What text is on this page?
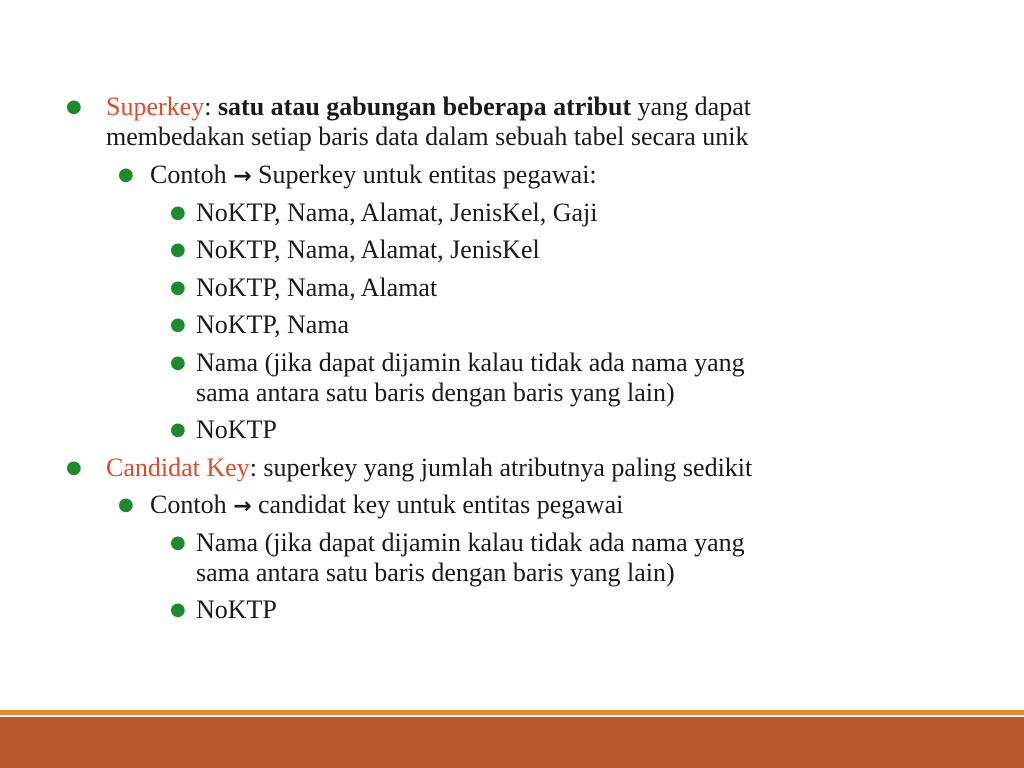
● Superkey: satu atau gabungan beberapa atribut yang dapat
membedakan setiap baris data dalam sebuah tabel secara unik
● Contoh → Superkey untuk entitas pegawai:
● NoKTP, Nama, Alamat, JenisKel, Gaji
● NoKTP, Nama, Alamat, JenisKel
● NoKTP, Nama, Alamat
● NoKTP, Nama
● Nama (jika dapat dijamin kalau tidak ada nama yang
sama antara satu baris dengan baris yang lain)
● NoKTP
● Candidat Key: superkey yang jumlah atributnya paling sedikit
● Contoh → candidat key untuk entitas pegawai
● Nama (jika dapat dijamin kalau tidak ada nama yang
sama antara satu baris dengan baris yang lain)
● NoKTP
